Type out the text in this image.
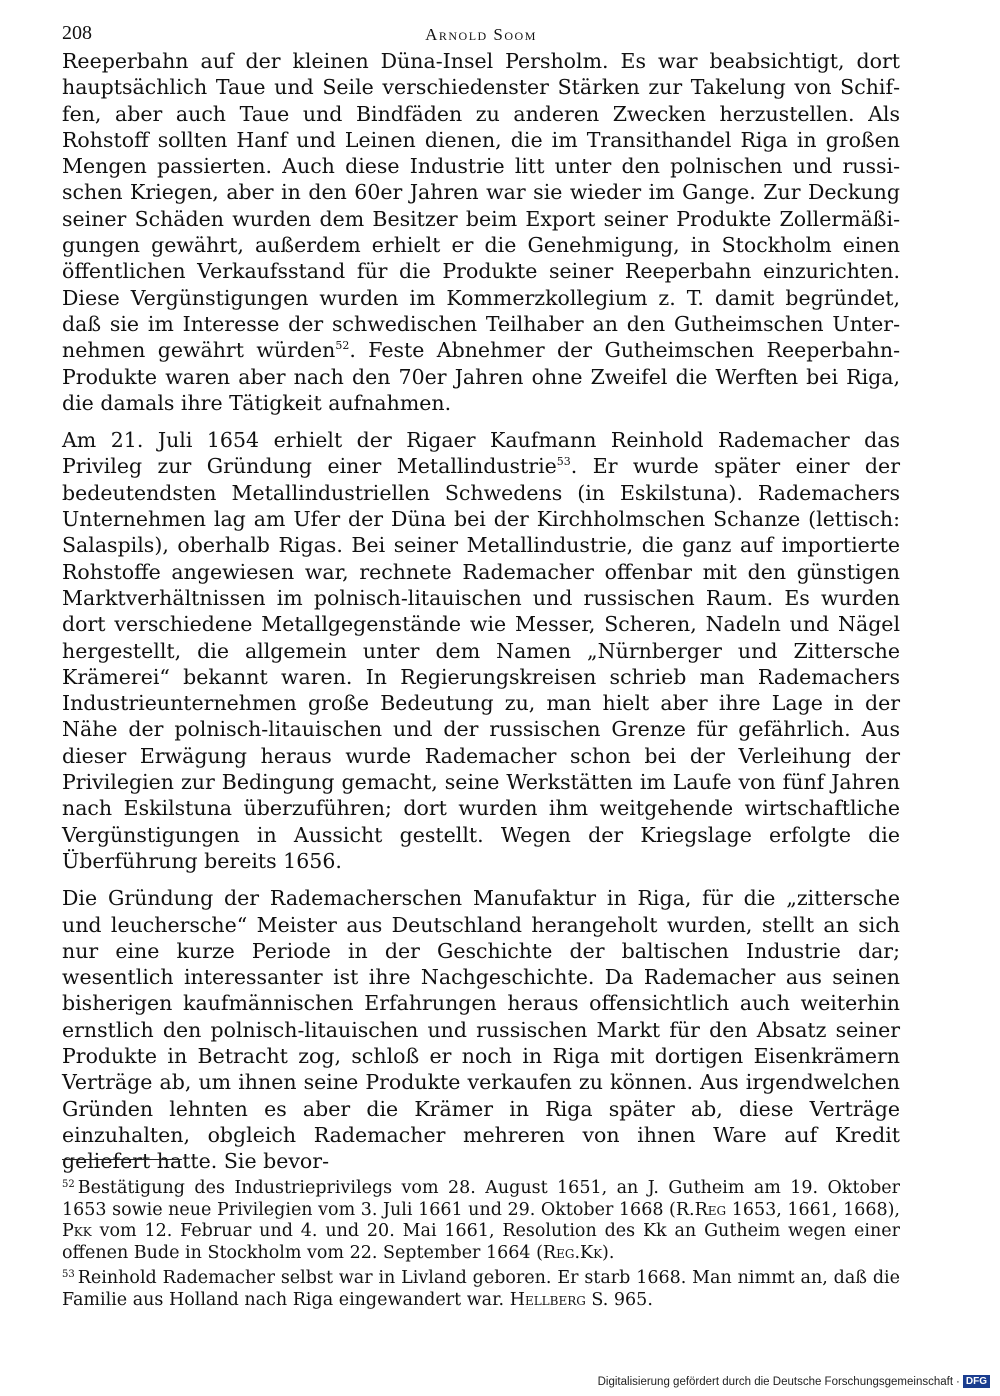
208	Arnold Soom

Reeperbahn auf der kleinen Düna-Insel Persholm. Es war beabsichtigt, dort hauptsächlich Taue und Seile verschiedenster Stärken zur Takelung von Schiffen, aber auch Taue und Bindfäden zu anderen Zwecken herzustellen. Als Rohstoff sollten Hanf und Leinen dienen, die im Transithandel Riga in großen Mengen passierten. Auch diese Industrie litt unter den polnischen und russischen Kriegen, aber in den 60er Jahren war sie wieder im Gange. Zur Deckung seiner Schäden wurden dem Besitzer beim Export seiner Produkte Zollermäßigungen gewährt, außerdem erhielt er die Genehmigung, in Stockholm einen öffentlichen Verkaufsstand für die Produkte seiner Reeperbahn einzurichten. Diese Vergünstigungen wurden im Kommerzkollegium z. T. damit begründet, daß sie im Interesse der schwedischen Teilhaber an den Gutheimschen Unternehmen gewährt würden$^{52}$. Feste Abnehmer der Gutheimschen Reeperbahn-Produkte waren aber nach den 70er Jahren ohne Zweifel die Werften bei Riga, die damals ihre Tätigkeit aufnahmen.

Am 21. Juli 1654 erhielt der Rigaer Kaufmann Reinhold Rademacher das Privileg zur Gründung einer Metallindustrie$^{53}$. Er wurde später einer der bedeutendsten Metallindustriellen Schwedens (in Eskilstuna). Rademachers Unternehmen lag am Ufer der Düna bei der Kirchholmschen Schanze (lettisch: Salaspils), oberhalb Rigas. Bei seiner Metallindustrie, die ganz auf importierte Rohstoffe angewiesen war, rechnete Rademacher offenbar mit den günstigen Marktverhältnissen im polnisch-litauischen und russischen Raum. Es wurden dort verschiedene Metallgegenstände wie Messer, Scheren, Nadeln und Nägel hergestellt, die allgemein unter dem Namen „Nürnberger und Zittersche Krämerei“ bekannt waren. In Regierungskreisen schrieb man Rademachers Industrieunternehmen große Bedeutung zu, man hielt aber ihre Lage in der Nähe der polnisch-litauischen und der russischen Grenze für gefährlich. Aus dieser Erwägung heraus wurde Rademacher schon bei der Verleihung der Privilegien zur Bedingung gemacht, seine Werkstätten im Laufe von fünf Jahren nach Eskilstuna überzuführen; dort wurden ihm weitgehende wirtschaftliche Vergünstigungen in Aussicht gestellt. Wegen der Kriegslage erfolgte die Überführung bereits 1656.

Die Gründung der Rademacherschen Manufaktur in Riga, für die „zittersche und leuchersche“ Meister aus Deutschland herangeholt wurden, stellt an sich nur eine kurze Periode in der Geschichte der baltischen Industrie dar; wesentlich interessanter ist ihre Nachgeschichte. Da Rademacher aus seinen bisherigen kaufmännischen Erfahrungen heraus offensichtlich auch weiterhin ernstlich den polnisch-litauischen und russischen Markt für den Absatz seiner Produkte in Betracht zog, schloß er noch in Riga mit dortigen Eisenkrämern Verträge ab, um ihnen seine Produkte verkaufen zu können. Aus irgendwelchen Gründen lehnten es aber die Krämer in Riga später ab, diese Verträge einzuhalten, obgleich Rademacher mehreren von ihnen Ware auf Kredit geliefert hatte. Sie bevor-

$^{52}$ Bestätigung des Industrieprivilegs vom 28. August 1651, an J. Gutheim am 19. Oktober 1653 sowie neue Privilegien vom 3. Juli 1661 und 29. Oktober 1668 (R.Reg 1653, 1661, 1668), Pkk vom 12. Februar und 4. und 20. Mai 1661, Resolution des Kk an Gutheim wegen einer offenen Bude in Stockholm vom 22. September 1664 (Reg.Kk).

$^{53}$ Reinhold Rademacher selbst war in Livland geboren. Er starb 1668. Man nimmt an, daß die Familie aus Holland nach Riga eingewandert war. Hellberg S. 965.

Digitalisierung gefördert durch die Deutsche Forschungsgemeinschaft · DFG
